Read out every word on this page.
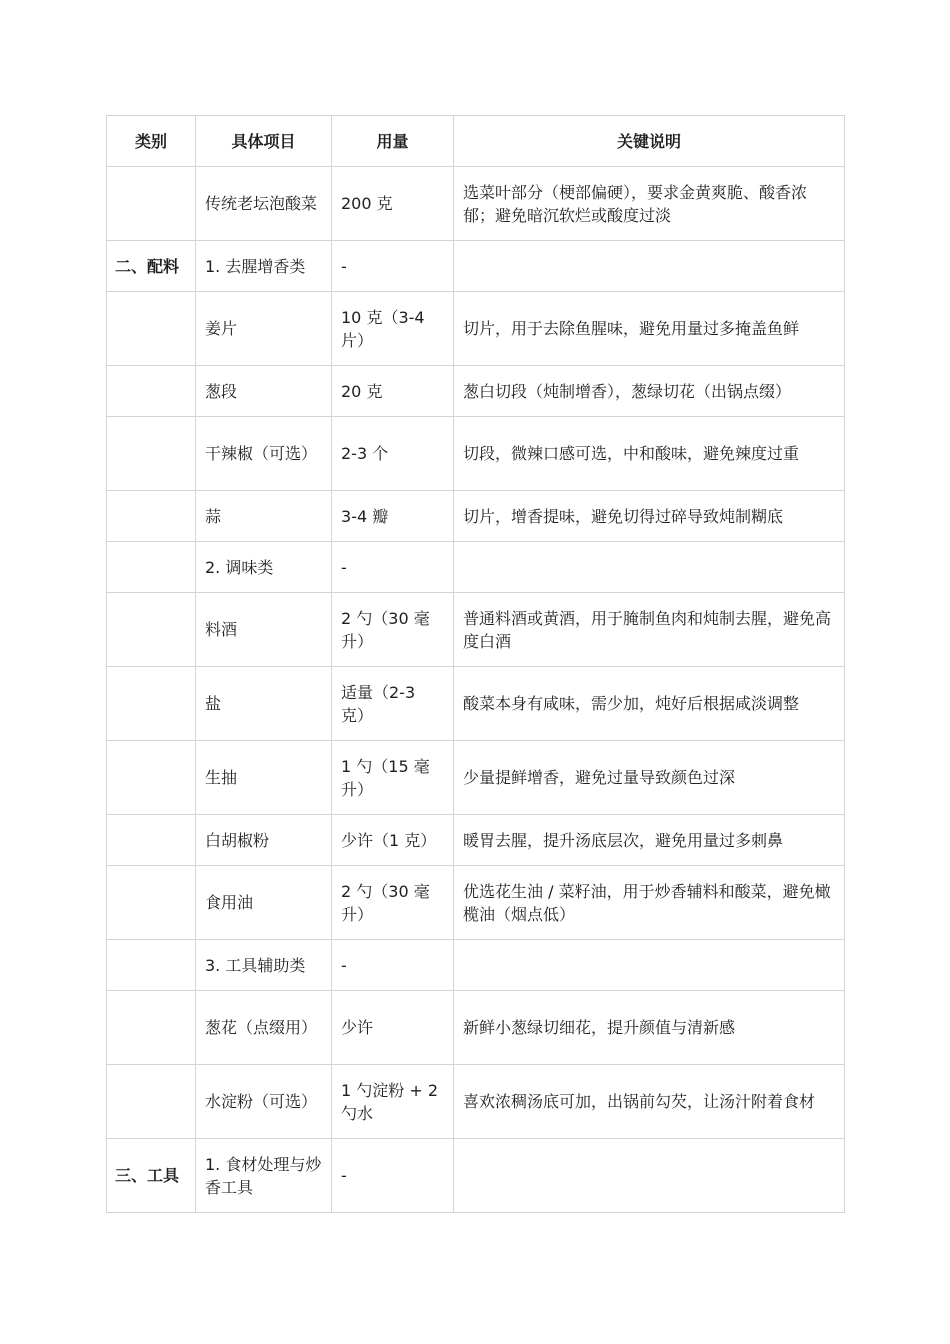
类别	具体项目	用量	关键说明
	传统老坛泡酸菜	200 克	选菜叶部分（梗部偏硬），要求金黄爽脆、酸香浓郁；避免暗沉软烂或酸度过淡
二、配料	1. 去腥增香类	-	
	姜片	10 克（3-4 片）	切片，用于去除鱼腥味，避免用量过多掩盖鱼鲜
	葱段	20 克	葱白切段（炖制增香），葱绿切花（出锅点缀）
	干辣椒（可选）	2-3 个	切段，微辣口感可选，中和酸味，避免辣度过重
	蒜	3-4 瓣	切片，增香提味，避免切得过碎导致炖制糊底
	2. 调味类	-	
	料酒	2 勺（30 毫升）	普通料酒或黄酒，用于腌制鱼肉和炖制去腥，避免高度白酒
	盐	适量（2-3 克）	酸菜本身有咸味，需少加，炖好后根据咸淡调整
	生抽	1 勺（15 毫升）	少量提鲜增香，避免过量导致颜色过深
	白胡椒粉	少许（1 克）	暖胃去腥，提升汤底层次，避免用量过多刺鼻
	食用油	2 勺（30 毫升）	优选花生油 / 菜籽油，用于炒香辅料和酸菜，避免橄榄油（烟点低）
	3. 工具辅助类	-	
	葱花（点缀用）	少许	新鲜小葱绿切细花，提升颜值与清新感
	水淀粉（可选）	1 勺淀粉 + 2 勺水	喜欢浓稠汤底可加，出锅前勾芡，让汤汁附着食材
三、工具	1. 食材处理与炒香工具	-	
